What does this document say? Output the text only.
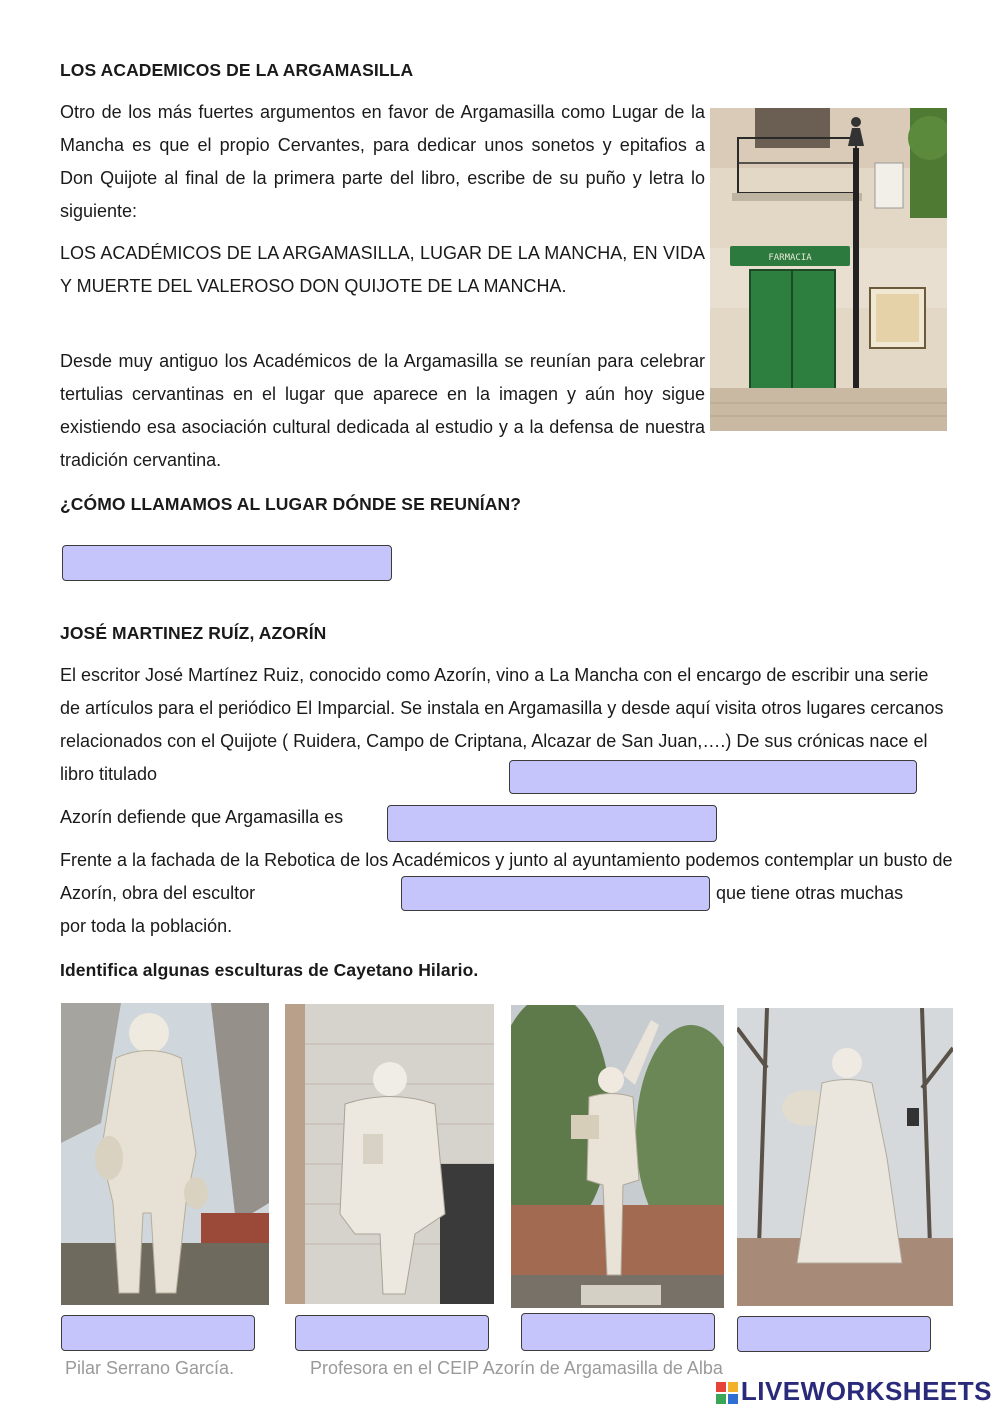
LOS ACADEMICOS DE LA ARGAMASILLA
Otro de los más fuertes argumentos en favor de Argamasilla como Lugar de la Mancha es que el propio Cervantes, para dedicar unos sonetos y epitafios a Don Quijote al final de la primera parte del libro, escribe de su puño y letra lo siguiente:
LOS ACADÉMICOS DE LA ARGAMASILLA, LUGAR DE LA MANCHA, EN VIDA Y MUERTE DEL VALEROSO DON QUIJOTE DE LA MANCHA.
Desde muy antiguo los Académicos de la Argamasilla se reunían para celebrar tertulias cervantinas en el lugar que aparece en la imagen y aún hoy sigue existiendo esa asociación cultural dedicada al estudio y a la defensa de nuestra tradición cervantina.
FARMACIA
¿CÓMO LLAMAMOS AL LUGAR DÓNDE SE REUNÍAN?
JOSÉ MARTINEZ RUÍZ, AZORÍN
El escritor José Martínez Ruiz, conocido como Azorín, vino a La Mancha con el encargo de escribir una serie de artículos para el periódico El Imparcial. Se instala en Argamasilla y desde aquí visita otros lugares cercanos relacionados con el Quijote ( Ruidera, Campo de Criptana, Alcazar de San Juan,….) De sus crónicas nace el libro titulado
Azorín defiende que Argamasilla es
Frente a la fachada de la Rebotica de los Académicos y junto al ayuntamiento podemos contemplar un busto de Azorín, obra del escultor	que tiene otras muchas
por toda la población.
Identifica algunas esculturas de Cayetano Hilario.
Pilar Serrano García.	Profesora en el CEIP Azorín de Argamasilla de Alba
LIVEWORKSHEETS
